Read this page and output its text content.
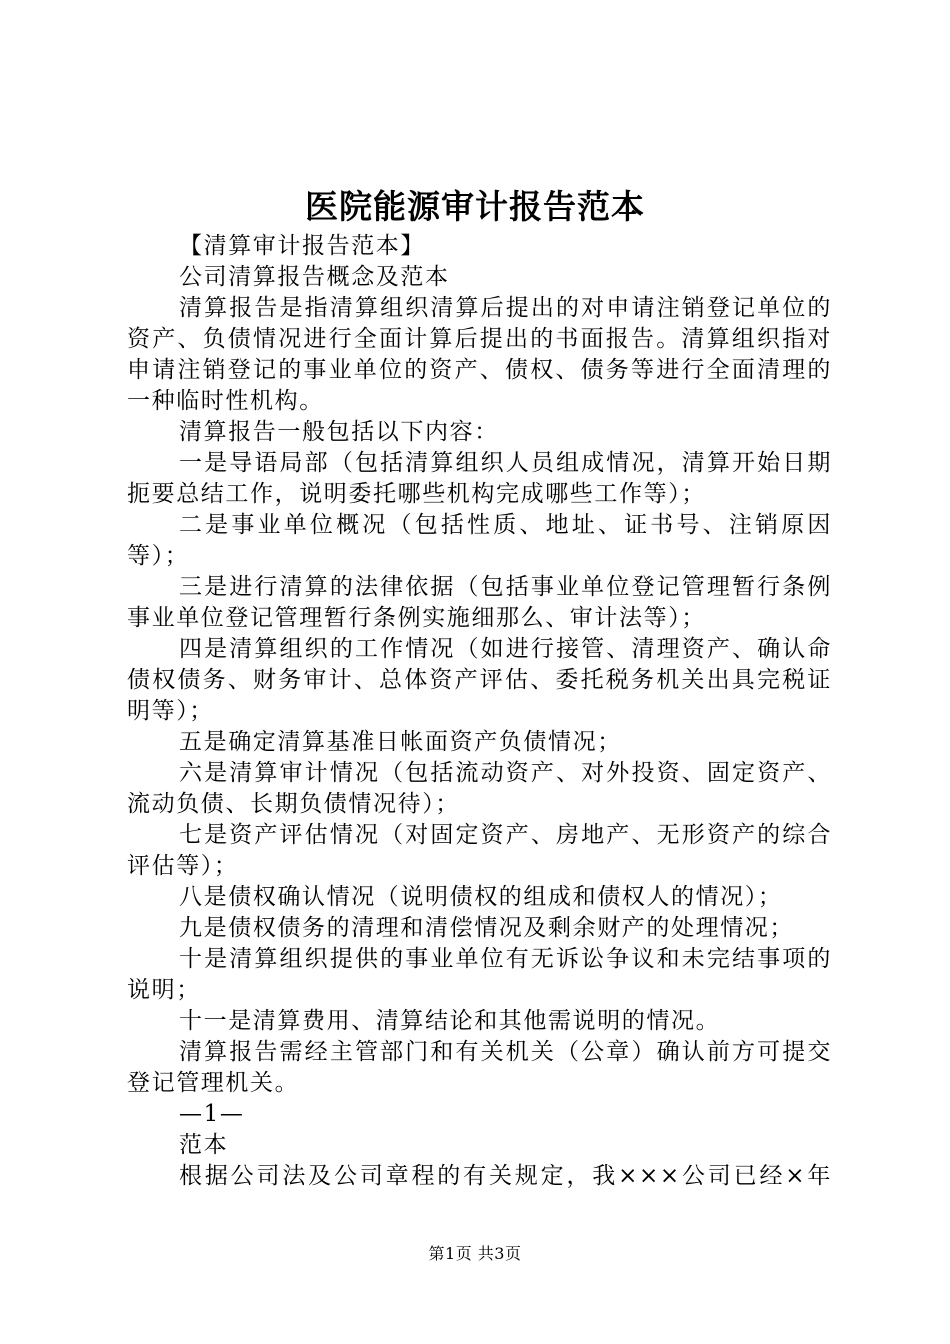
医院能源审计报告范本

【清算审计报告范本】

公司清算报告概念及范本

清算报告是指清算组织清算后提出的对申请注销登记单位的资产、负债情况进行全面计算后提出的书面报告。清算组织指对申请注销登记的事业单位的资产、债权、债务等进行全面清理的一种临时性机构。

清算报告一般包括以下内容：

一是导语局部（包括清算组织人员组成情况，清算开始日期扼要总结工作，说明委托哪些机构完成哪些工作等）；

二是事业单位概况（包括性质、地址、证书号、注销原因等）；

三是进行清算的法律依据（包括事业单位登记管理暂行条例事业单位登记管理暂行条例实施细那么、审计法等）；

四是清算组织的工作情况（如进行接管、清理资产、确认命债权债务、财务审计、总体资产评估、委托税务机关出具完税证明等）；

五是确定清算基准日帐面资产负债情况；

六是清算审计情况（包括流动资产、对外投资、固定资产、流动负债、长期负债情况待）；

七是资产评估情况（对固定资产、房地产、无形资产的综合评估等）；

八是债权确认情况（说明债权的组成和债权人的情况）；

九是债权债务的清理和清偿情况及剩余财产的处理情况；

十是清算组织提供的事业单位有无诉讼争议和未完结事项的说明；

十一是清算费用、清算结论和其他需说明的情况。

清算报告需经主管部门和有关机关（公章）确认前方可提交登记管理机关。

—1—

范本

根据公司法及公司章程的有关规定，我×××公司已经×年

第1页 共3页
